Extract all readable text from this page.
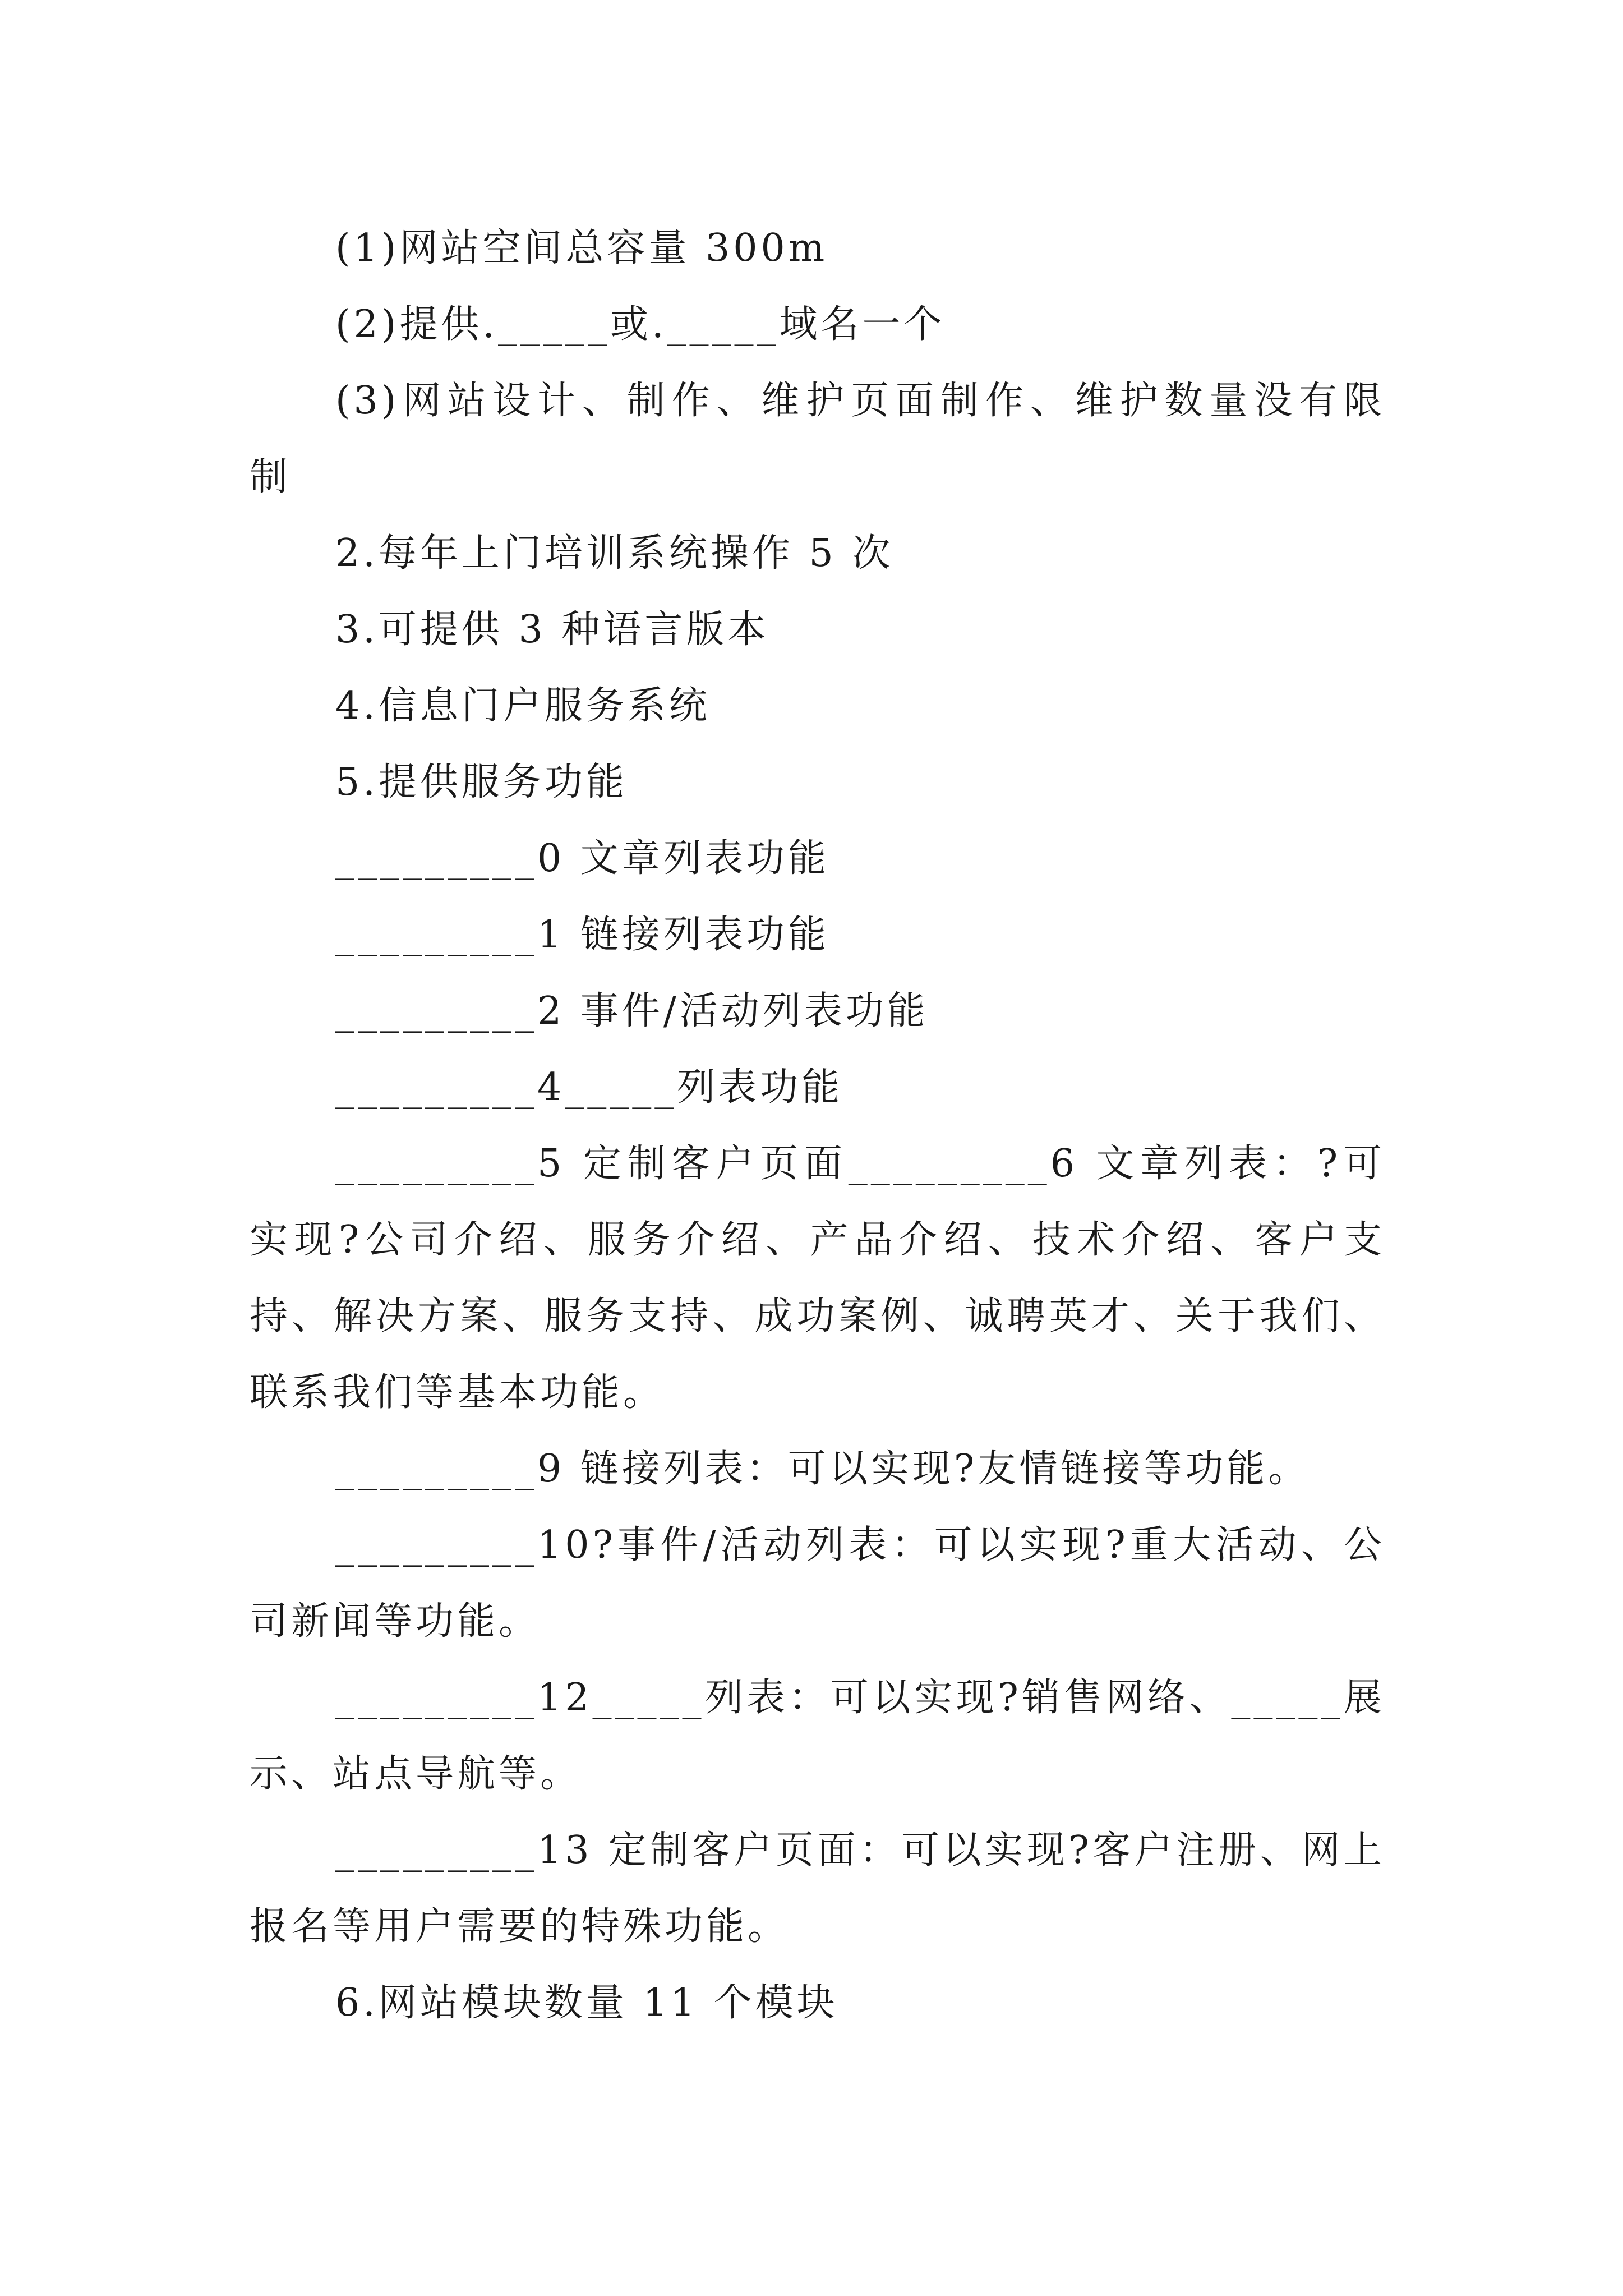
(1)网站空间总容量 300m
(2)提供._____或._____域名一个
(3)网站设计、制作、维护页面制作、维护数量没有限
制
2.每年上门培训系统操作 5 次
3.可提供 3 种语言版本
4.信息门户服务系统
5.提供服务功能
_________0 文章列表功能
_________1 链接列表功能
_________2 事件/活动列表功能
_________4_____列表功能
_________5 定制客户页面_________6 文章列表：?可
实现?公司介绍、服务介绍、产品介绍、技术介绍、客户支
持、解决方案、服务支持、成功案例、诚聘英才、关于我们、
联系我们等基本功能。
_________9 链接列表：可以实现?友情链接等功能。
_________10?事件/活动列表：可以实现?重大活动、公
司新闻等功能。
_________12_____列表：可以实现?销售网络、_____展
示、站点导航等。
_________13 定制客户页面：可以实现?客户注册、网上
报名等用户需要的特殊功能。
6.网站模块数量 11 个模块
